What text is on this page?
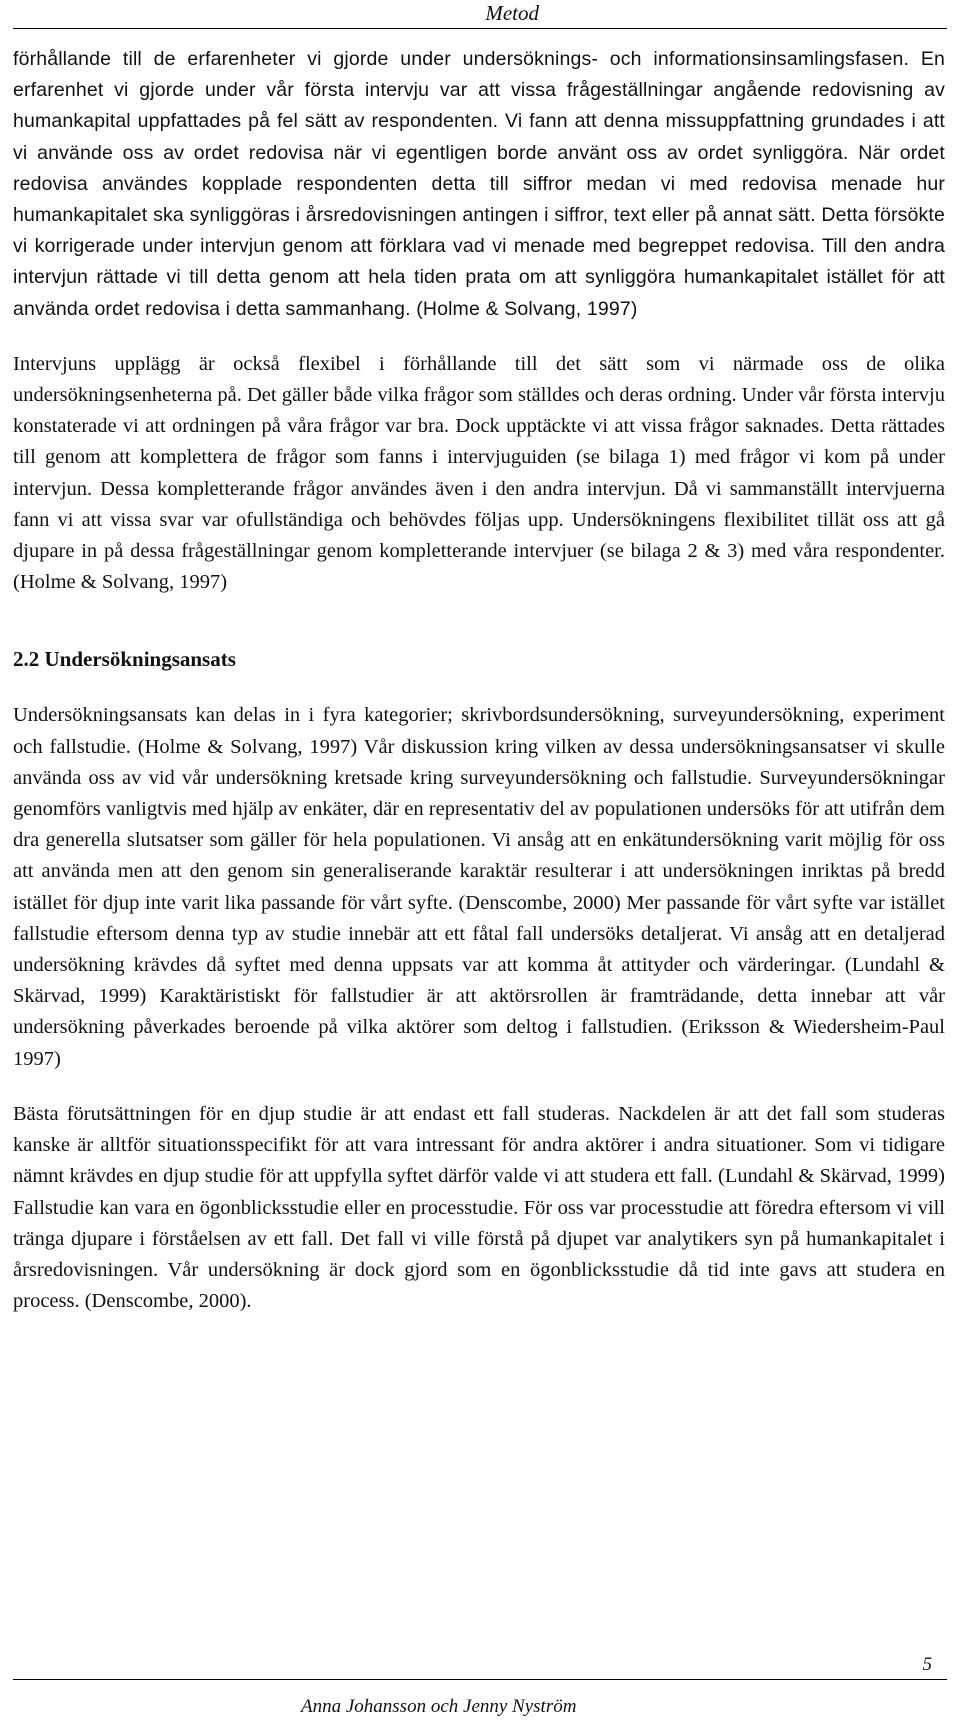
Metod

förhållande till de erfarenheter vi gjorde under undersöknings- och informationsinsamlingsfasen. En erfarenhet vi gjorde under vår första intervju var att vissa frågeställningar angående redovisning av humankapital uppfattades på fel sätt av respondenten. Vi fann att denna missuppfattning grundades i att vi använde oss av ordet redovisa när vi egentligen borde använt oss av ordet synliggöra. När ordet redovisa användes kopplade respondenten detta till siffror medan vi med redovisa menade hur humankapitalet ska synliggöras i årsredovisningen antingen i siffror, text eller på annat sätt. Detta försökte vi korrigerade under intervjun genom att förklara vad vi menade med begreppet redovisa. Till den andra intervjun rättade vi till detta genom att hela tiden prata om att synliggöra humankapitalet istället för att använda ordet redovisa i detta sammanhang. (Holme & Solvang, 1997)

Intervjuns upplägg är också flexibel i förhållande till det sätt som vi närmade oss de olika undersökningsenheterna på. Det gäller både vilka frågor som ställdes och deras ordning. Under vår första intervju konstaterade vi att ordningen på våra frågor var bra. Dock upptäckte vi att vissa frågor saknades. Detta rättades till genom att komplettera de frågor som fanns i intervjuguiden (se bilaga 1) med frågor vi kom på under intervjun. Dessa kompletterande frågor användes även i den andra intervjun. Då vi sammanställt intervjuerna fann vi att vissa svar var ofullständiga och behövdes följas upp. Undersökningens flexibilitet tillät oss att gå djupare in på dessa frågeställningar genom kompletterande intervjuer (se bilaga 2 & 3) med våra respondenter. (Holme & Solvang, 1997)

2.2 Undersökningsansats

Undersökningsansats kan delas in i fyra kategorier; skrivbordsundersökning, surveyundersökning, experiment och fallstudie. (Holme & Solvang, 1997) Vår diskussion kring vilken av dessa undersökningsansatser vi skulle använda oss av vid vår undersökning kretsade kring surveyundersökning och fallstudie. Surveyundersökningar genomförs vanligtvis med hjälp av enkäter, där en representativ del av populationen undersöks för att utifrån dem dra generella slutsatser som gäller för hela populationen. Vi ansåg att en enkätundersökning varit möjlig för oss att använda men att den genom sin generaliserande karaktär resulterar i att undersökningen inriktas på bredd istället för djup inte varit lika passande för vårt syfte. (Denscombe, 2000) Mer passande för vårt syfte var istället fallstudie eftersom denna typ av studie innebär att ett fåtal fall undersöks detaljerat. Vi ansåg att en detaljerad undersökning krävdes då syftet med denna uppsats var att komma åt attityder och värderingar. (Lundahl & Skärvad, 1999) Karaktäristiskt för fallstudier är att aktörsrollen är framträdande, detta innebar att vår undersökning påverkades beroende på vilka aktörer som deltog i fallstudien. (Eriksson & Wiedersheim-Paul 1997)

Bästa förutsättningen för en djup studie är att endast ett fall studeras. Nackdelen är att det fall som studeras kanske är alltför situationsspecifikt för att vara intressant för andra aktörer i andra situationer. Som vi tidigare nämnt krävdes en djup studie för att uppfylla syftet därför valde vi att studera ett fall. (Lundahl & Skärvad, 1999) Fallstudie kan vara en ögonblicksstudie eller en processtudie. För oss var processtudie att föredra eftersom vi vill tränga djupare i förståelsen av ett fall. Det fall vi ville förstå på djupet var analytikers syn på humankapitalet i årsredovisningen. Vår undersökning är dock gjord som en ögonblicksstudie då tid inte gavs att studera en process. (Denscombe, 2000).

5
Anna Johansson och Jenny Nyström
